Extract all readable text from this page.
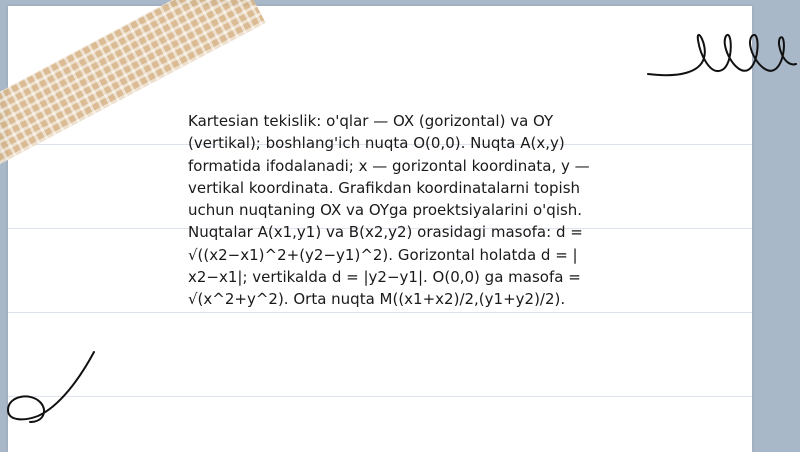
Kartesian tekislik: o'qlar — OX (gorizontal) va OY
(vertikal); boshlang'ich nuqta O(0,0). Nuqta A(x,y)
formatida ifodalanadi; x — gorizontal koordinata, y —
vertikal koordinata. Grafikdan koordinatalarni topish
uchun nuqtaning OX va OYga proektsiyalarini o'qish.
Nuqtalar A(x1,y1) va B(x2,y2) orasidagi masofa: d =
√((x2−x1)^2+(y2−y1)^2). Gorizontal holatda d = |
x2−x1|; vertikalda d = |y2−y1|. O(0,0) ga masofa =
√(x^2+y^2). Orta nuqta M((x1+x2)/2,(y1+y2)/2).
